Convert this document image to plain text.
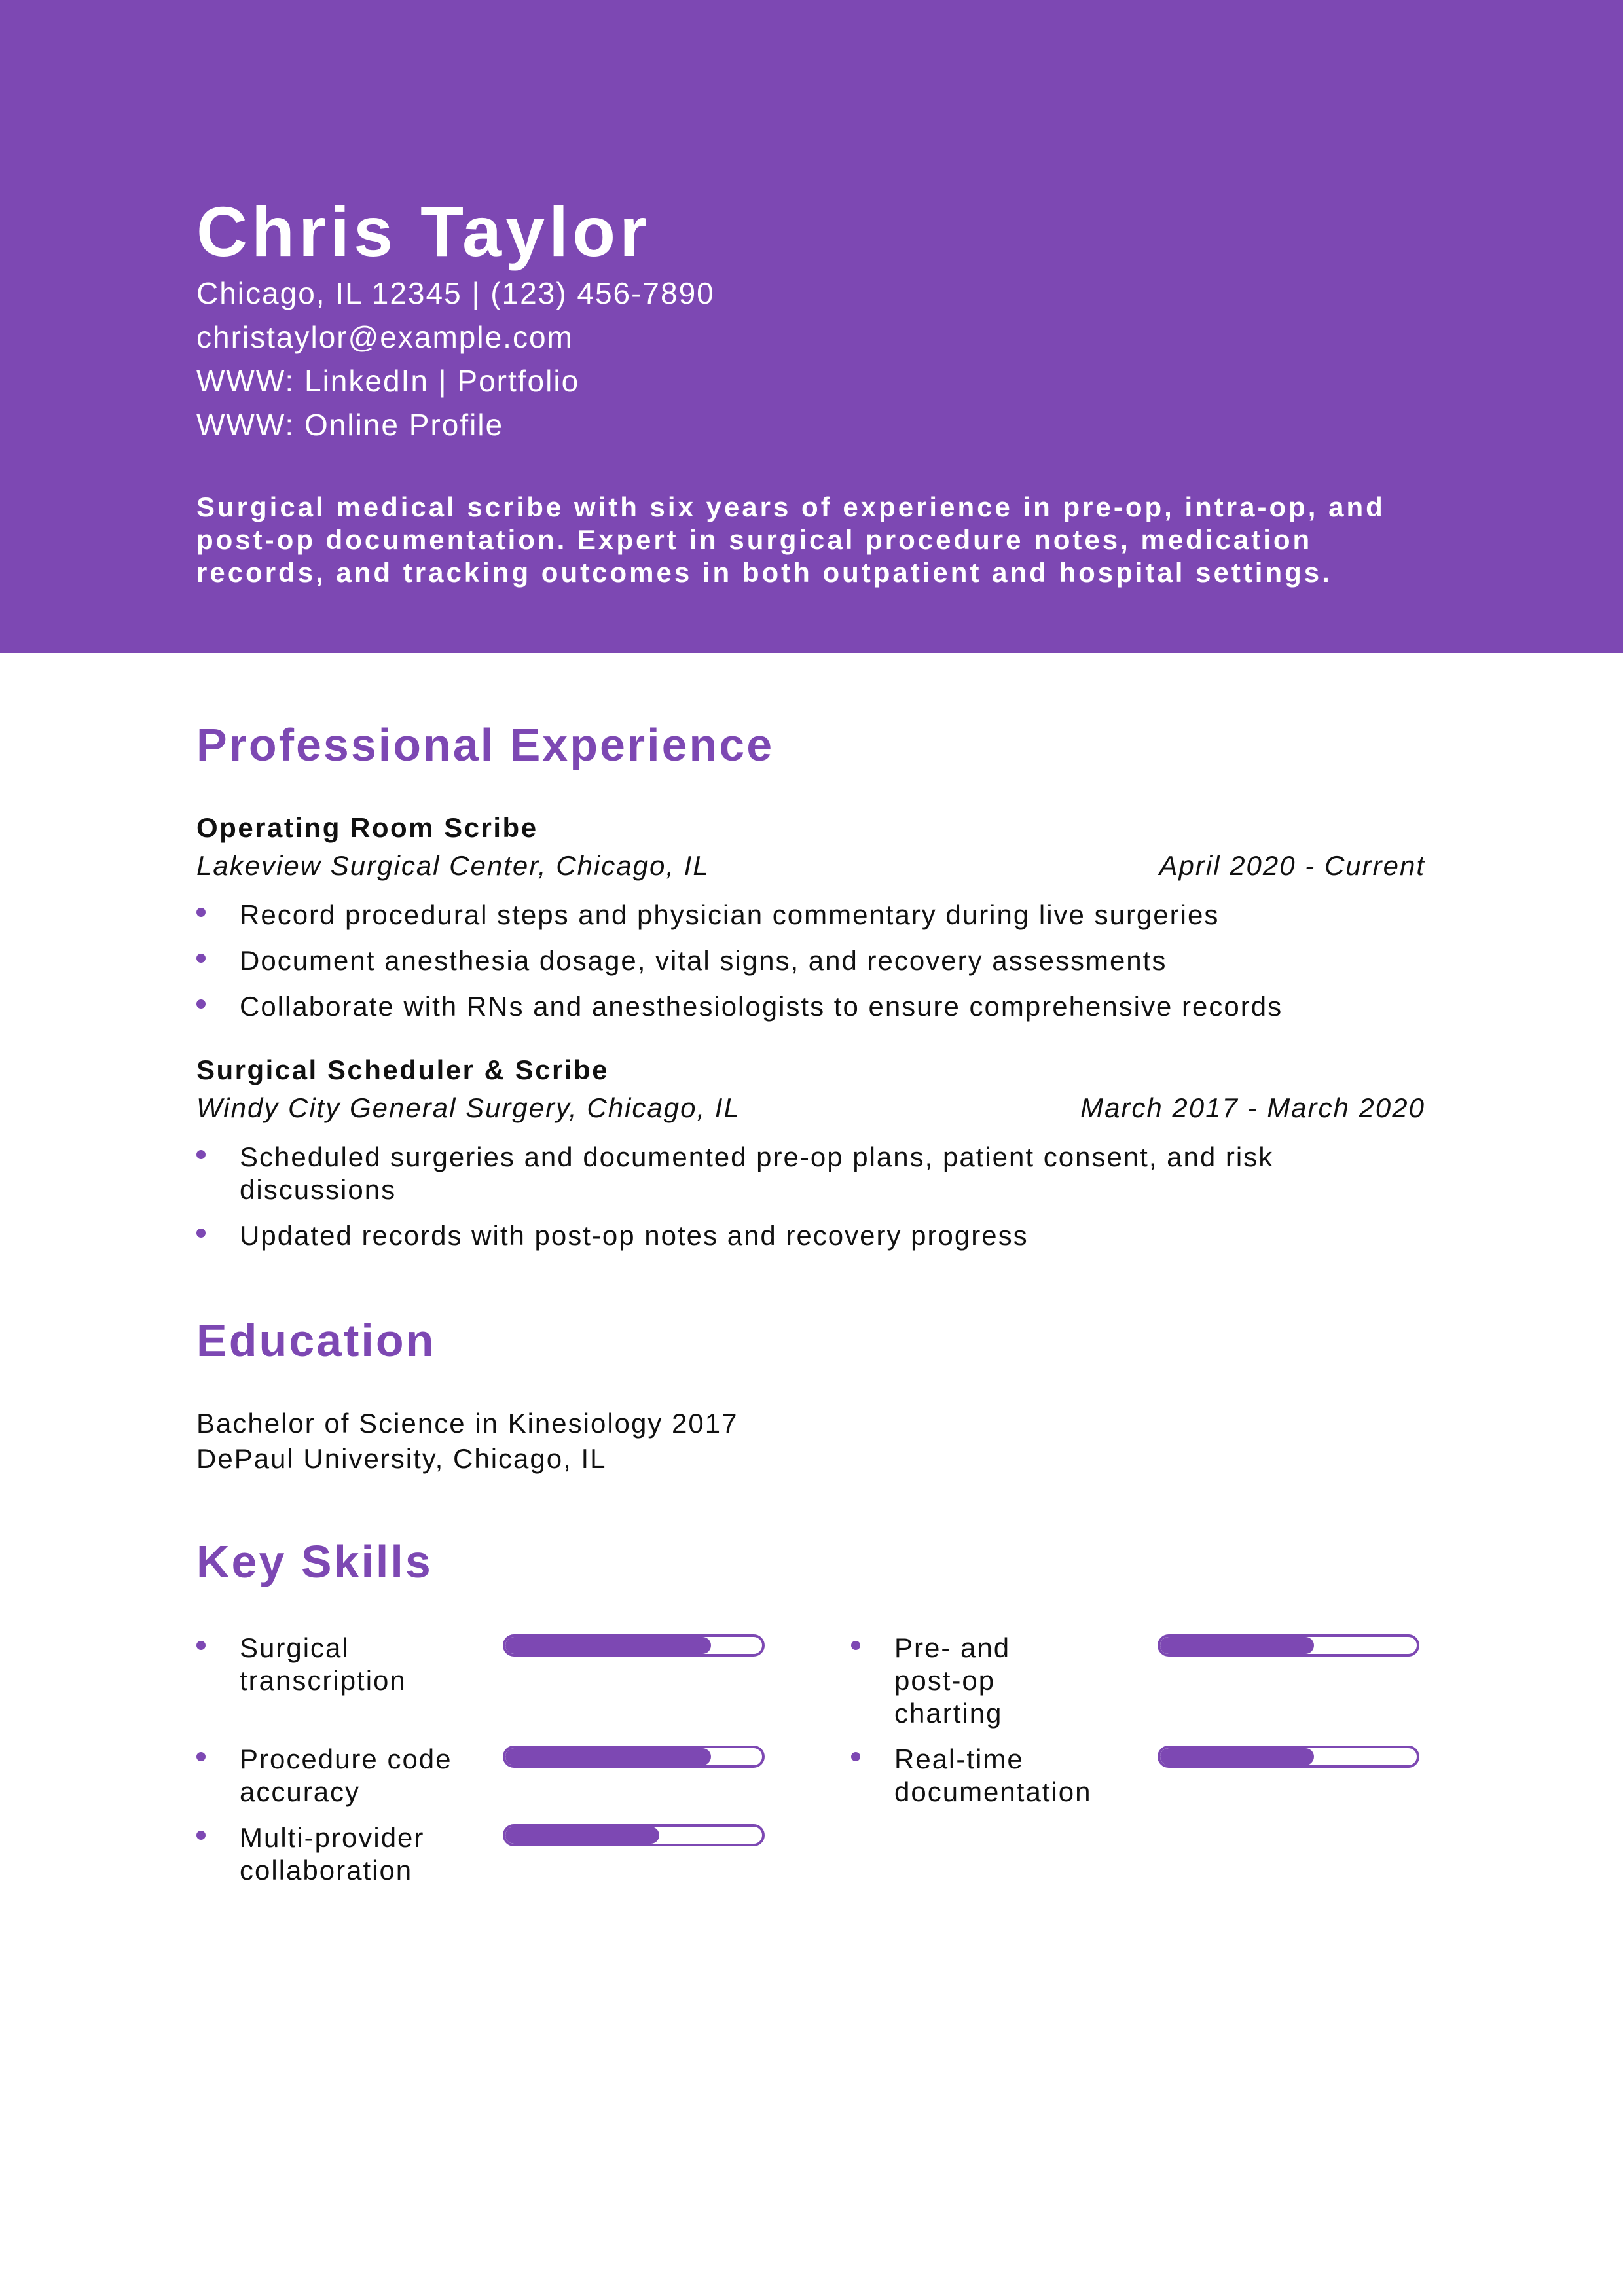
Chris Taylor
Chicago, IL 12345 | (123) 456-7890
christaylor@example.com
WWW: LinkedIn | Portfolio
WWW: Online Profile
Surgical medical scribe with six years of experience in pre-op, intra-op, and post-op documentation. Expert in surgical procedure notes, medication records, and tracking outcomes in both outpatient and hospital settings.
Professional Experience
Operating Room Scribe
Lakeview Surgical Center, Chicago, IL	April 2020 - Current
Record procedural steps and physician commentary during live surgeries
Document anesthesia dosage, vital signs, and recovery assessments
Collaborate with RNs and anesthesiologists to ensure comprehensive records
Surgical Scheduler & Scribe
Windy City General Surgery, Chicago, IL	March 2017 - March 2020
Scheduled surgeries and documented pre-op plans, patient consent, and risk discussions
Updated records with post-op notes and recovery progress
Education
Bachelor of Science in Kinesiology 2017
DePaul University, Chicago, IL
Key Skills
Surgical transcription
Pre- and post-op charting
Procedure code accuracy
Real-time documentation
Multi-provider collaboration
